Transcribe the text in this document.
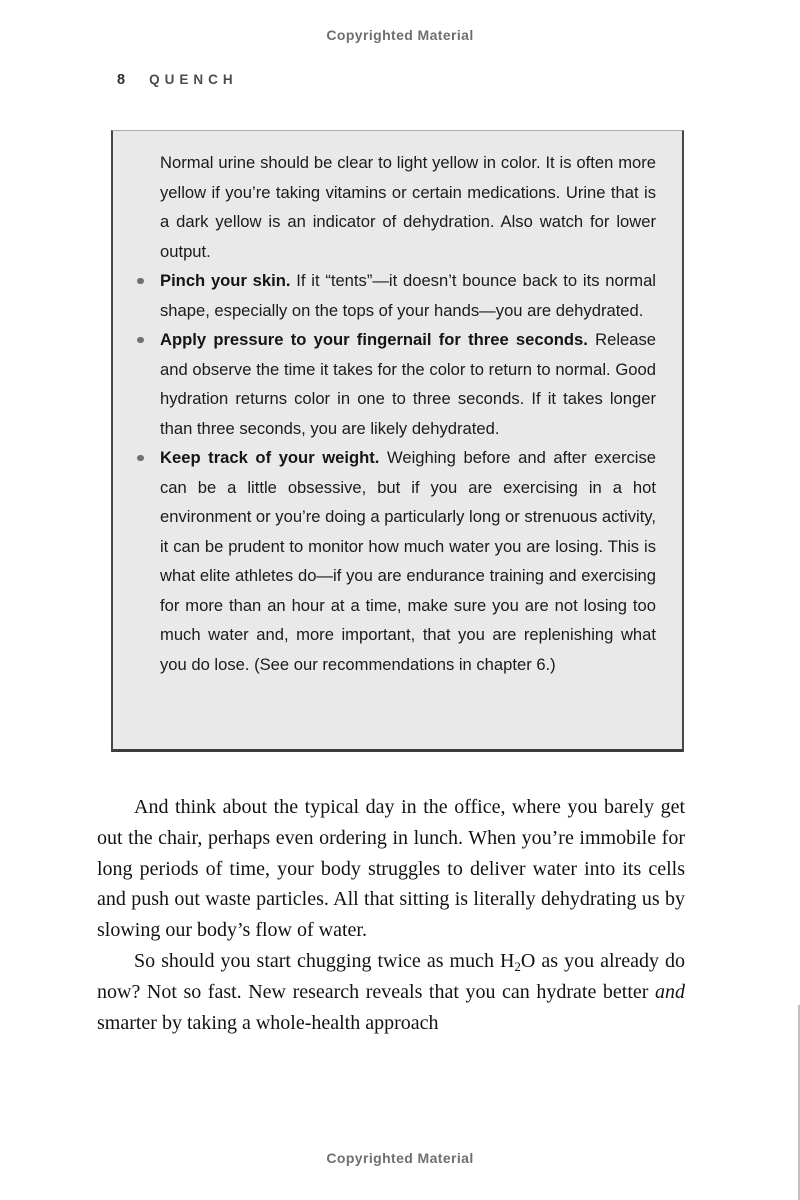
Copyrighted Material
8 QUENCH

Normal urine should be clear to light yellow in color. It is often more yellow if you’re taking vitamins or certain medications. Urine that is a dark yellow is an indicator of dehydration. Also watch for lower output.

Pinch your skin. If it “tents”—it doesn’t bounce back to its normal shape, especially on the tops of your hands—you are dehydrated.
Apply pressure to your fingernail for three seconds. Release and observe the time it takes for the color to return to normal. Good hydration returns color in one to three seconds. If it takes longer than three seconds, you are likely dehydrated.
Keep track of your weight. Weighing before and after exercise can be a little obsessive, but if you are exercising in a hot environment or you’re doing a particularly long or strenuous activity, it can be prudent to monitor how much water you are losing. This is what elite athletes do—if you are endurance training and exercising for more than an hour at a time, make sure you are not losing too much water and, more important, that you are replenishing what you do lose. (See our recommendations in chapter 6.)

And think about the typical day in the office, where you barely get out the chair, perhaps even ordering in lunch. When you’re immobile for long periods of time, your body struggles to deliver water into its cells and push out waste particles. All that sitting is literally dehydrating us by slowing our body’s flow of water.

So should you start chugging twice as much $H_2O$ as you already do now? Not so fast. New research reveals that you can hydrate better and smarter by taking a whole-health approach

Copyrighted Material
